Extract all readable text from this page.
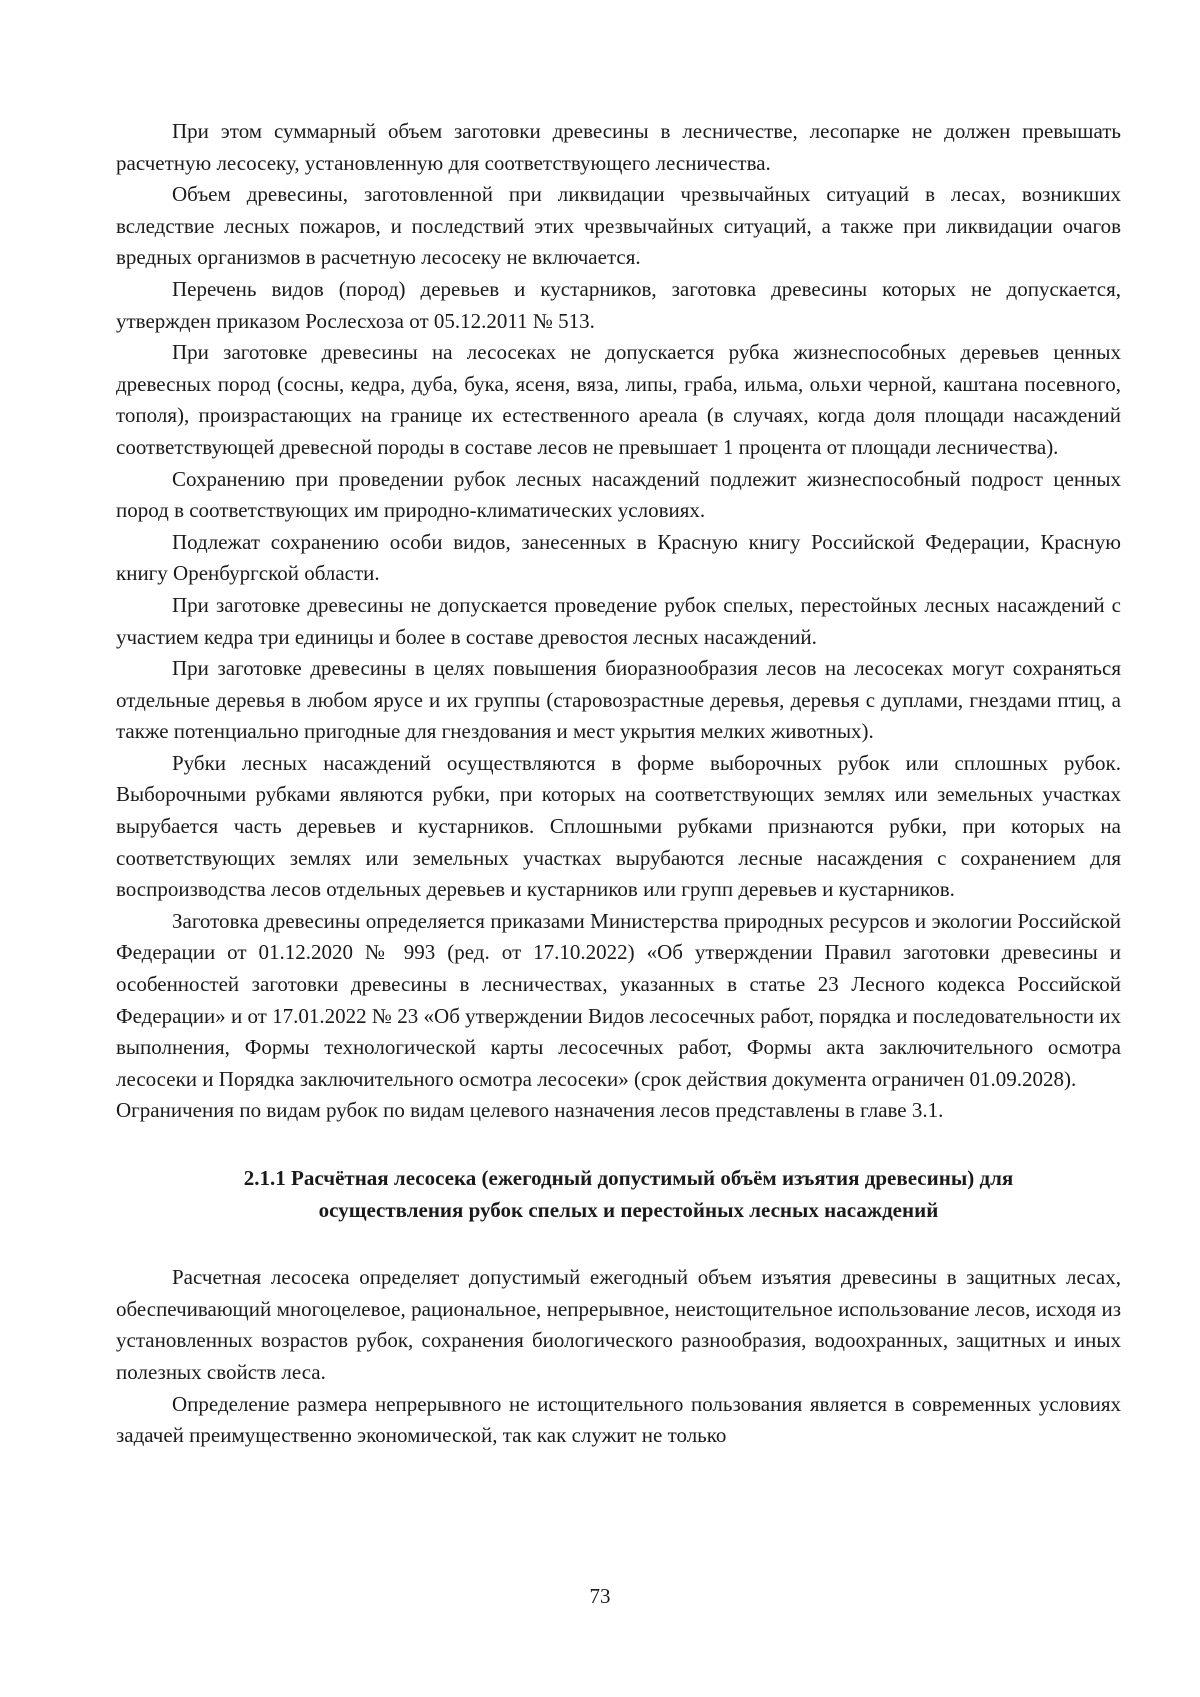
При этом суммарный объем заготовки древесины в лесничестве, лесопарке не должен превышать расчетную лесосеку, установленную для соответствующего лесничества.

Объем древесины, заготовленной при ликвидации чрезвычайных ситуаций в лесах, возникших вследствие лесных пожаров, и последствий этих чрезвычайных ситуаций, а также при ликвидации очагов вредных организмов в расчетную лесосеку не включается.

Перечень видов (пород) деревьев и кустарников, заготовка древесины которых не допускается, утвержден приказом Рослесхоза от 05.12.2011 № 513.

При заготовке древесины на лесосеках не допускается рубка жизнеспособных деревьев ценных древесных пород (сосны, кедра, дуба, бука, ясеня, вяза, липы, граба, ильма, ольхи черной, каштана посевного, тополя), произрастающих на границе их естественного ареала (в случаях, когда доля площади насаждений соответствующей древесной породы в составе лесов не превышает 1 процента от площади лесничества).

Сохранению при проведении рубок лесных насаждений подлежит жизнеспособный подрост ценных пород в соответствующих им природно-климатических условиях.

Подлежат сохранению особи видов, занесенных в Красную книгу Российской Федерации, Красную книгу Оренбургской области.

При заготовке древесины не допускается проведение рубок спелых, перестойных лесных насаждений с участием кедра три единицы и более в составе древостоя лесных насаждений.

При заготовке древесины в целях повышения биоразнообразия лесов на лесосеках могут сохраняться отдельные деревья в любом ярусе и их группы (старовозрастные деревья, деревья с дуплами, гнездами птиц, а также потенциально пригодные для гнездования и мест укрытия мелких животных).

Рубки лесных насаждений осуществляются в форме выборочных рубок или сплошных рубок. Выборочными рубками являются рубки, при которых на соответствующих землях или земельных участках вырубается часть деревьев и кустарников. Сплошными рубками признаются рубки, при которых на соответствующих землях или земельных участках вырубаются лесные насаждения с сохранением для воспроизводства лесов отдельных деревьев и кустарников или групп деревьев и кустарников.

Заготовка древесины определяется приказами Министерства природных ресурсов и экологии Российской Федерации от 01.12.2020 № 993 (ред. от 17.10.2022) «Об утверждении Правил заготовки древесины и особенностей заготовки древесины в лесничествах, указанных в статье 23 Лесного кодекса Российской Федерации» и от 17.01.2022 № 23 «Об утверждении Видов лесосечных работ, порядка и последовательности их выполнения, Формы технологической карты лесосечных работ, Формы акта заключительного осмотра лесосеки и Порядка заключительного осмотра лесосеки» (срок действия документа ограничен 01.09.2028).

Ограничения по видам рубок по видам целевого назначения лесов представлены в главе 3.1.

2.1.1 Расчётная лесосека (ежегодный допустимый объём изъятия древесины) для
осуществления рубок спелых и перестойных лесных насаждений

Расчетная лесосека определяет допустимый ежегодный объем изъятия древесины в защитных лесах, обеспечивающий многоцелевое, рациональное, непрерывное, неистощительное использование лесов, исходя из установленных возрастов рубок, сохранения биологического разнообразия, водоохранных, защитных и иных полезных свойств леса.

Определение размера непрерывного не истощительного пользования является в современных условиях задачей преимущественно экономической, так как служит не только

73
